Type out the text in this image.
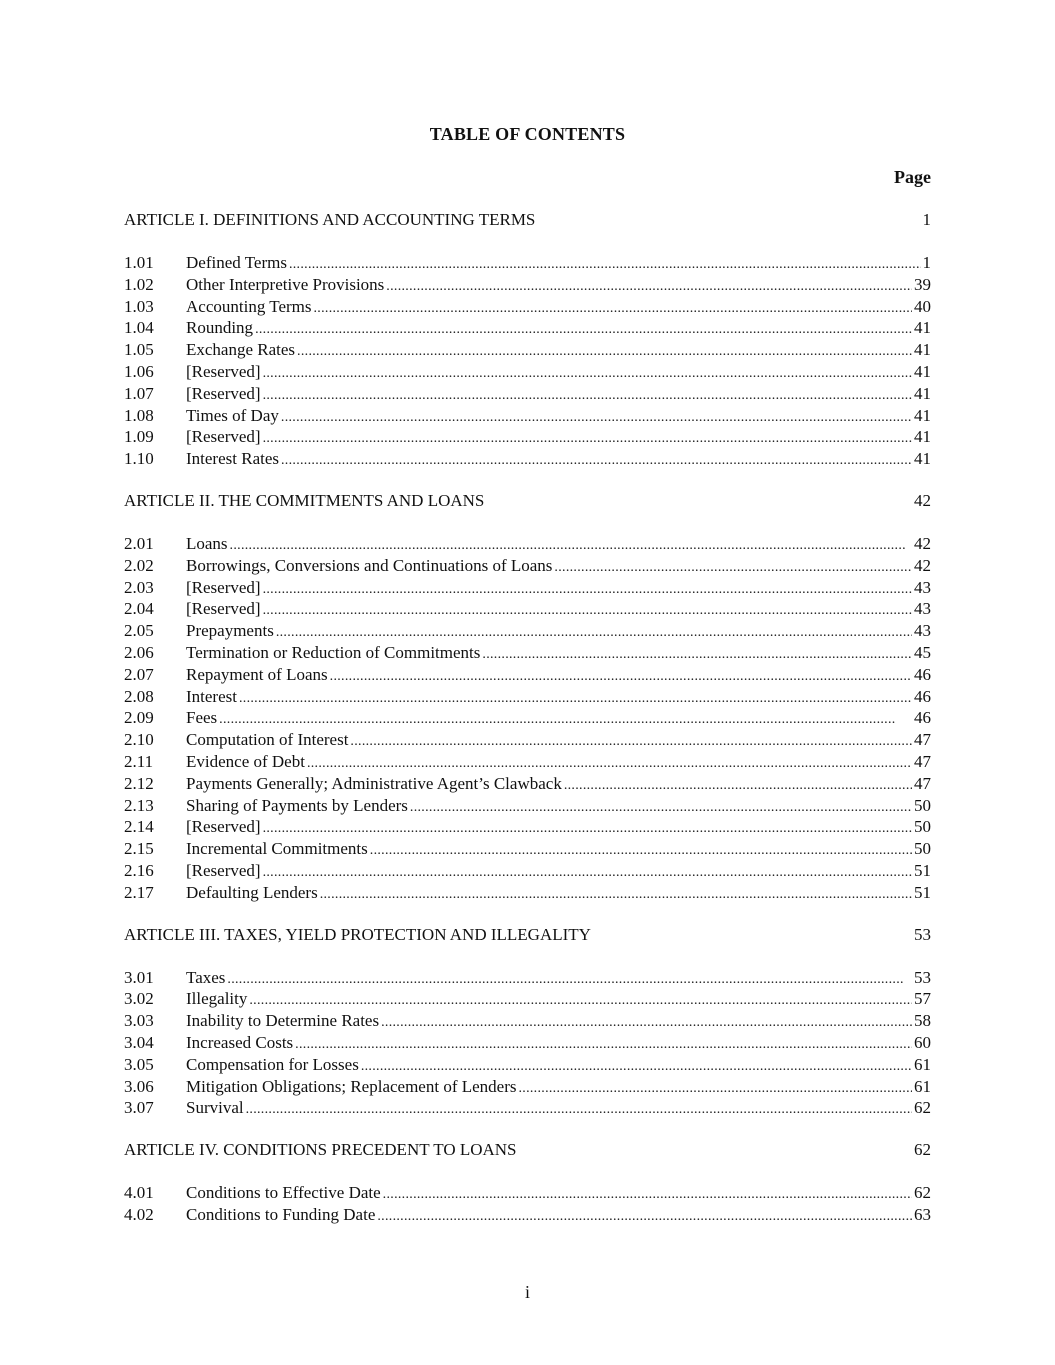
TABLE OF CONTENTS
Page
ARTICLE I. DEFINITIONS AND ACCOUNTING TERMS	1
1.01	Defined Terms . . .	1
1.02	Other Interpretive Provisions . . .	39
1.03	Accounting Terms . . .	40
1.04	Rounding . . .	41
1.05	Exchange Rates . . .	41
1.06	[Reserved] . . .	41
1.07	[Reserved] . . .	41
1.08	Times of Day . . .	41
1.09	[Reserved] . . .	41
1.10	Interest Rates . . .	41
ARTICLE II. THE COMMITMENTS AND LOANS	42
2.01	Loans . . .	42
2.02	Borrowings, Conversions and Continuations of Loans . . .	42
2.03	[Reserved] . . .	43
2.04	[Reserved] . . .	43
2.05	Prepayments . . .	43
2.06	Termination or Reduction of Commitments . . .	45
2.07	Repayment of Loans . . .	46
2.08	Interest . . .	46
2.09	Fees . . .	46
2.10	Computation of Interest . . .	47
2.11	Evidence of Debt . . .	47
2.12	Payments Generally; Administrative Agent’s Clawback . . .	47
2.13	Sharing of Payments by Lenders . . .	50
2.14	[Reserved] . . .	50
2.15	Incremental Commitments . . .	50
2.16	[Reserved] . . .	51
2.17	Defaulting Lenders . . .	51
ARTICLE III. TAXES, YIELD PROTECTION AND ILLEGALITY	53
3.01	Taxes . . .	53
3.02	Illegality . . .	57
3.03	Inability to Determine Rates . . .	58
3.04	Increased Costs . . .	60
3.05	Compensation for Losses . . .	61
3.06	Mitigation Obligations; Replacement of Lenders . . .	61
3.07	Survival . . .	62
ARTICLE IV. CONDITIONS PRECEDENT TO LOANS	62
4.01	Conditions to Effective Date . . .	62
4.02	Conditions to Funding Date . . .	63
i
